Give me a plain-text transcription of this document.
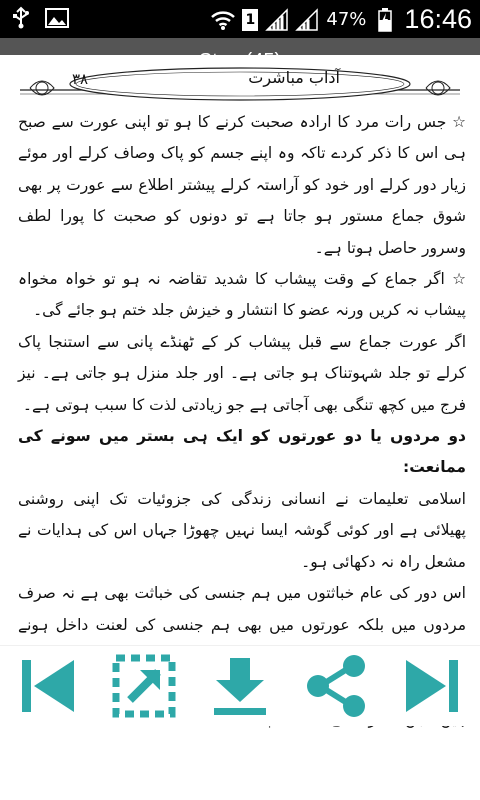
1	47% 16:46
۳۸	آداب مباشرت

☆ جس رات مرد کا ارادہ صحبت کرنے کا ہو تو اپنی عورت سے صبح ہی اس کا ذکر کردے تاکہ وہ اپنے جسم کو پاک وصاف کرلے اور موئے زیار دور کرلے اور خود کو آراستہ کرلے پیشتر اطلاع سے عورت پر بھی شوق جماع مستور ہو جاتا ہے تو دونوں کو صحبت کا پورا لطف وسرور حاصل ہوتا ہے۔

☆ اگر جماع کے وقت پیشاب کا شدید تقاضہ نہ ہو تو خواہ مخواہ پیشاب نہ کریں ورنہ عضو کا انتشار و خیزش جلد ختم ہو جائے گی۔

اگر عورت جماع سے قبل پیشاب کر کے ٹھنڈے پانی سے استنجا پاک کرلے تو جلد شہوتناک ہو جاتی ہے۔ اور جلد منزل ہو جاتی ہے۔ نیز فرج میں کچھ تنگی بھی آجاتی ہے جو زیادتی لذت کا سبب ہوتی ہے۔

دو مردوں یا دو عورتوں کو ایک ہی بستر میں سونے کی ممانعت:

اسلامی تعلیمات نے انسانی زندگی کی جزوئیات تک اپنی روشنی پھیلائی ہے اور کوئی گوشہ ایسا نہیں چھوڑا جہاں اس کی ہدایات نے مشعل راہ نہ دکھائی ہو۔

اس دور کی عام خباثتوں میں ہم جنسی کی خباثت بھی ہے نہ صرف مردوں میں بلکہ عورتوں میں بھی ہم جنسی کی لعنت داخل ہونے
